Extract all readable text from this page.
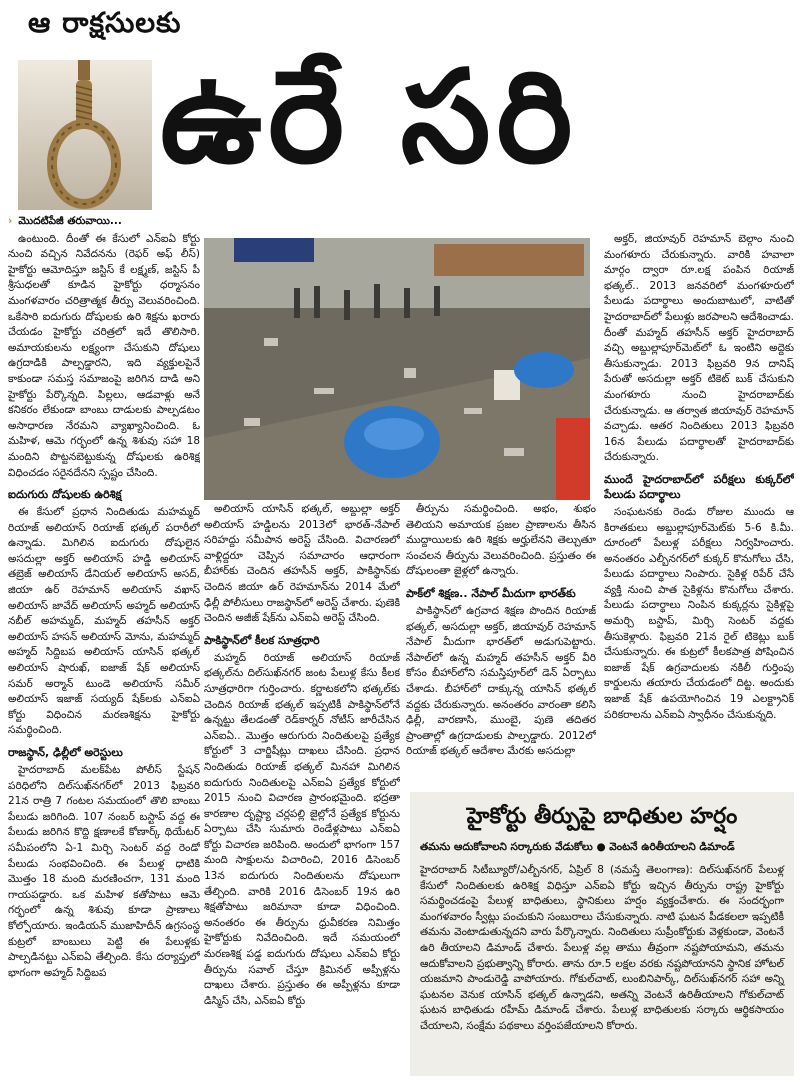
ఆ రాక్షసులకు
ఉరే సరి

› మొదటిపేజీ తరువాయి...

ఉంటుంది. దీంతో ఈ కేసులో ఎన్ఐఏ కోర్టు నుంచి వచ్చిన నివేదనను (రెఫర్ అఫ్ లీస్) హైకోర్టు ఆమోదిస్తూ జస్టిస్ కే లక్ష్మణ్, జస్టిస్ పీ శ్రీసుధలతో కూడిన హైకోర్టు ధర్మాసనం మంగళవారం చరిత్రాత్మక తీర్పు వెలువరించింది. ఒకేసారి ఐదుగురు దోషులకు ఉరి శిక్షను ఖరారు చేయడం హైకోర్టు చరిత్రలో ఇదే తొలిసారి. అమాయకులను లక్ష్యంగా చేసుకుని దోషులు ఉగ్రదాడికి పాల్పడ్డారని, ఇది వ్యక్తులపైనే కాకుండా సమస్త సమాజంపై జరిగిన దాడి అని హైకోర్టు పేర్కొన్నది. పిల్లలు, ఆడవాళ్లు అనే కనికరం లేకుండా బాంబు దాడులకు పాల్పడటం అసాధారణ నేరమని వ్యాఖ్యానించింది. ఓ మహిళ, ఆమె గర్భంలో ఉన్న శిశువు సహా 18 మందిని పొట్టనబెట్టుకున్న దోషులకు ఉరిశిక్ష విధించడం సరైనదేనని స్పష్టం చేసింది.

ఐదుగురు దోషులకు ఉరిశిక్ష

ఈ కేసులో ప్రధాన నిందితుడు మహమ్మద్ రియాజ్ అలియాస్ రియాజ్ భత్కల్ పరారీలో ఉన్నాడు. మిగిలిన ఐదుగురు దోషులైన అసదుల్లా అక్తర్ అలియాస్ హడ్డి అలియాస్ తబ్రెజ్ అలియాస్ డేనియల్ అలియాస్ అసద్, జియా ఉర్ రెహమాన్ అలియాస్ వఖాస్ అలియాస్ జావేద్ అలియాస్ అహ్మద్ అలియాస్ నబీల్ అహమ్మద్, మహ్మద్ తహసీన్ అక్తర్ అలియాస్ హసన్ అలియాస్ మోను, మహమ్మద్ అహ్మద్ సిద్దిబప అలియాస్ యాసిన్ భత్కల్ అలియాస్ షారుఖ్, ఐజాజ్ షేక్ అలియాస్ సమర్ అర్మాన్ టుండె అలియాస్ సమీర్ అలియాస్ ఇజాజ్ సయ్యద్ షేక్‌లకు ఎన్ఐఏ కోర్టు విధించిన మరణశిక్షను హైకోర్టు సమర్థించింది.

రాజస్థాన్, ఢిల్లీలో అరెస్టులు

హైదరాబాద్ మలక్‌పేట పోలీస్ స్టేషన్ పరిధిలోని దిల్‌సుఖ్‌నగర్‌లో 2013 ఫిబ్రవరి 21న రాత్రి 7 గంటల సమయంలో తొలి బాంబు పేలుడు జరిగింది. 107 నంబర్ బస్టాప్ వద్ద ఈ పేలుడు జరిగిన కొద్ది క్షణాలకే కోణార్క్ థియేటర్ సమీపంలోని ఏ-1 మిర్చి సెంటర్ వద్ద రెండో పేలుడు సంభవించింది. ఈ పేలుళ్ల ధాటికి మొత్తం 18 మంది మరణించగా, 131 మంది గాయపడ్డారు. ఒక మహిళ కతోపాటు ఆమె గర్భంలో ఉన్న శిశువు కూడా ప్రాణాలు కోల్పోయారు. ఇండియన్ ముజాహిదీన్ ఉగ్రసంస్థ కుట్రలో బాంబులు పెట్టి ఈ పేలుళ్లకు పాల్పడినట్టు ఎన్ఐఏ తేల్చింది. కేసు దర్యాప్తులో భాగంగా అహ్మద్ సిద్దిబప

అలియాస్ యాసిన్ భత్కల్, అబ్దుల్లా అక్తర్ అలియాస్ హడ్డిలను 2013లో భారత్-నేపాల్ సరిహద్దు సమీపాన అరెస్ట్ చేసింది. విచారణలో వాళ్లిద్దరూ చెప్పిన సమాచారం ఆధారంగా బీహార్‌కు చెందిన తహసీన్ అక్తర్, పాకిస్థాన్‌కు చెందిన జియా ఉర్ రెహమాన్‌ను 2014 మేలో ఢిల్లీ పోలీసులు రాజస్థాన్‌లో అరెస్ట్ చేశారు. పుణెకి చెందిన అజీజ్ షేక్‌ను ఎన్ఐఏ అరెస్ట్ చేసింది.

పాకిస్థాన్‌లో కీలక సూత్రధారి

మహ్మద్ రియాజ్ అలియాస్ రియాజ్ భత్కల్‌ను దిల్‌సుఖ్‌నగర్ జంట పేలుళ్ల కేసు కీలక సూత్రధారిగా గుర్తించారు. కర్ణాటకలోని భత్కల్‌కు చెందిన రియాజ్ భత్కల్ ఇప్పటికీ పాకిస్థాన్‌లోనే ఉన్నట్టు తేలడంతో రెడ్‌కార్నర్ నోటీస్ జారీచేసిన ఎన్ఐఏ.. మొత్తం ఆరుగురు నిందితులపై ప్రత్యేక కోర్టులో 3 చార్జిషీట్లు దాఖలు చేసింది. ప్రధాన నిందితుడు రియాజ్ భత్కల్ మినహా మిగిలిన ఐదుగురు నిందితులపై ఎన్ఐఏ ప్రత్యేక కోర్టులో 2015 నుంచి విచారణ ప్రారంభమైంది. భద్రతా కారణాల దృష్ట్యా చర్లపల్లి జైల్లోనే ప్రత్యేక కోర్టును ఏర్పాటు చేసి సుమారు రెండేళ్లపాటు ఎన్ఐఏ కోర్టు విచారణ జరిపింది. అందులో భాగంగా 157 మంది సాక్షులను విచారించి, 2016 డిసెంబర్ 13న ఐదుగురు నిందితులను దోషులుగా తేల్చింది. వారికి 2016 డిసెంబర్ 19న ఉరి శిక్షతోపాటు జరిమానా కూడా విధించింది. అనంతరం ఈ తీర్పును ధ్రువీకరణ నిమిత్తం హైకోర్టుకు నివేదించింది. ఇదే సమయంలో మరణశిక్ష పడ్డ ఐదుగురు దోషులు ఎన్ఐఏ కోర్టు తీర్పును సవాల్ చేస్తూ క్రిమినల్ అప్పీళ్లను దాఖలు చేశారు. ప్రస్తుతం ఈ అప్పీళ్లను కూడా డిస్మిస్ చేసి, ఎన్ఐఏ కోర్టు

తీర్పును సమర్థించింది. అభం, శుభం తెలియని అమాయక ప్రజల ప్రాణాలను తీసిన ముద్దాయిలకు ఉరి శిక్షకు అర్హులేనని తెల్చుతూ సంచలన తీర్పును వెలువరించింది. ప్రస్తుతం ఈ దోషులంతా జైళ్లలో ఉన్నారు.

పాక్‌లో శిక్షణ.. నేపాల్ మీదుగా భారత్‌కు

పాకిస్థాన్‌లో ఉగ్రవాద శిక్షణ పొందిన రియాజ్ భత్కల్, అసదుల్లా అక్తర్, జియావుర్ రెహమాన్ నేపాల్ మీదుగా భారత్‌లో అడుగుపెట్టారు. నేపాల్‌లో ఉన్న మహ్మద్ తహసీన్ అక్తర్ వీరి కోసం బీహార్‌లోని సమస్తిపూర్‌లో డెన్ ఏర్పాటు చేశాడు. బీహార్‌లో దాక్కున్న యాసిన్ భత్కల్ వద్దకు చేరుకున్నారు. అనంతరం వారంతా కలిసి ఢిల్లీ, వారణాసి, ముంబై, పుణె తదితర ప్రాంతాల్లో ఉగ్రదాడులకు పాల్పడ్డారు. 2012లో రియాజ్ భత్కల్ ఆదేశాల మేరకు అసదుల్లా

అక్తర్, జియావుర్ రెహమాన్ బెల్గాం నుంచి మంగళూరు చేరుకున్నారు. వారికి హవాలా మార్గం ద్వారా రూ.లక్ష పంపిన రియాజ్ భత్కల్.. 2013 జనవరిలో మంగళూరులో పేలుడు పదార్థాలు అందుబాటులో, వాటితో హైదరాబాద్‌లో పేలుళ్లు జరపాలని ఆదేశించాడు. దీంతో మహ్మద్ తహసీన్ అక్తర్ హైదరాబాద్ వచ్చి అబ్దుల్లాపూర్‌మెట్‌లో ఓ ఇంటిని అద్దెకు తీసుకున్నాడు. 2013 ఫిబ్రవరి 9న దానిష్ పేరుతో అసదుల్లా అక్తర్ టికెట్ బుక్ చేసుకుని మంగళూరు నుంచి హైదరాబాద్‌కు చేరుకున్నాడు. ఆ తర్వాత జియావుర్ రెహమాన్ వచ్చాడు. ఆతర నిందితులు 2013 ఫిబ్రవరి 16న పేలుడు పదార్థాలతో హైదరాబాద్‌కు చేరుకున్నారు.

ముందే హైదరాబాద్‌లో పరీక్షలు కుక్కర్‌లో పేలుడు పదార్థాలు

సంఘటనకు రెండు రోజుల ముందు ఆ కిరాతకులు అబ్దుల్లాపూర్‌మెట్‌కు 5-6 కి.మీ. దూరంలో పేలుళ్ల పరీక్షలు నిర్వహించారు. అనంతరం ఎల్బీనగర్‌లో కుక్కర్ కొనుగోలు చేసి, పేలుడు పదార్థాలు నింపారు. సైకిళ్ల రిపేర్ చేసే వ్యక్తి నుంచి పాత సైకిళ్లను కొనుగోలు చేశారు. పేలుడు పదార్థాలు నింపిన కుక్కర్లను సైకిళ్లపై అమర్చి బస్టాప్, మిర్చి సెంటర్ వద్దకు తీసుకెళ్లారు. ఫిబ్రవరి 21న రైల్ టికెట్లు బుక్ చేసుకున్నారు. ఈ కుట్రలో కీలకపాత్ర పోషించిన ఐజాజ్ షేక్ ఉగ్రవాదులకు నకిలీ గుర్తింపు కార్డులను తయారు చేయడంలో దిట్ట. అందుకు ఇజాజ్ షేక్ ఉపయోగించిన 19 ఎలక్ట్రానిక్ పరికరాలను ఎన్ఐఏ స్వాధీనం చేసుకున్నది.

హైకోర్టు తీర్పుపై బాధితుల హర్షం
తమను ఆదుకోవాలని సర్కారుకు వేడుకోలు ● వెంటనే ఉరితీయాలని డిమాండ్
హైదరాబాద్ సిటీబ్యూరో/ఎల్బీనగర్, ఏప్రిల్ 8 (నమస్తే తెలంగాణ): దిల్‌సుఖ్‌నగర్ పేలుళ్ల కేసులో నిందితులకు ఉరిశిక్ష విధిస్తూ ఎన్ఐఏ కోర్టు ఇచ్చిన తీర్పును రాష్ట్ర హైకోర్టు సమర్థించడంపై పేలుళ్ల బాధితులు, స్థానికులు హర్షం వ్యక్తంచేశారు. ఈ సందర్భంగా మంగళవారం స్వీట్లు పంచుకుని సంబురాలు చేసుకున్నారు. నాటి ఘటన పీడకలలా ఇప్పటికీ తమను వెంటాడుతున్నదని వారు పేర్కొన్నారు. నిందితులు సుప్రీంకోర్టుకు వెళ్లకుండా, వెంటనే ఉరి తీయాలని డిమాండ్ చేశారు. పేలుళ్ల వల్ల తాము తీవ్రంగా నష్టపోయామని, తమను ఆదుకోవాలని ప్రభుత్వాన్ని కోరారు. తాను రూ.5 లక్షల వరకు నష్టపోయానని స్థానిక హోటల్ యజమాని పాండురెడ్డి వాపోయారు. గోకుల్‌చాట్, లుంబినిపార్క్, దిల్‌సుఖ్‌నగర్ సహా అన్ని ఘటనల వెనుక యాసిన్ భత్కల్ ఉన్నాడని, అతన్ని వెంటనే ఉరితీయాలని గోకుల్‌చాట్ ఘటన బాధితుడు రహీమ్ డిమాండ్ చేశారు. పేలుళ్ల బాధితులకు సర్కారు ఆర్థికసాయం చేయాలని, సంక్షేమ పథకాలు వర్తింపజేయాలని కోరారు.
